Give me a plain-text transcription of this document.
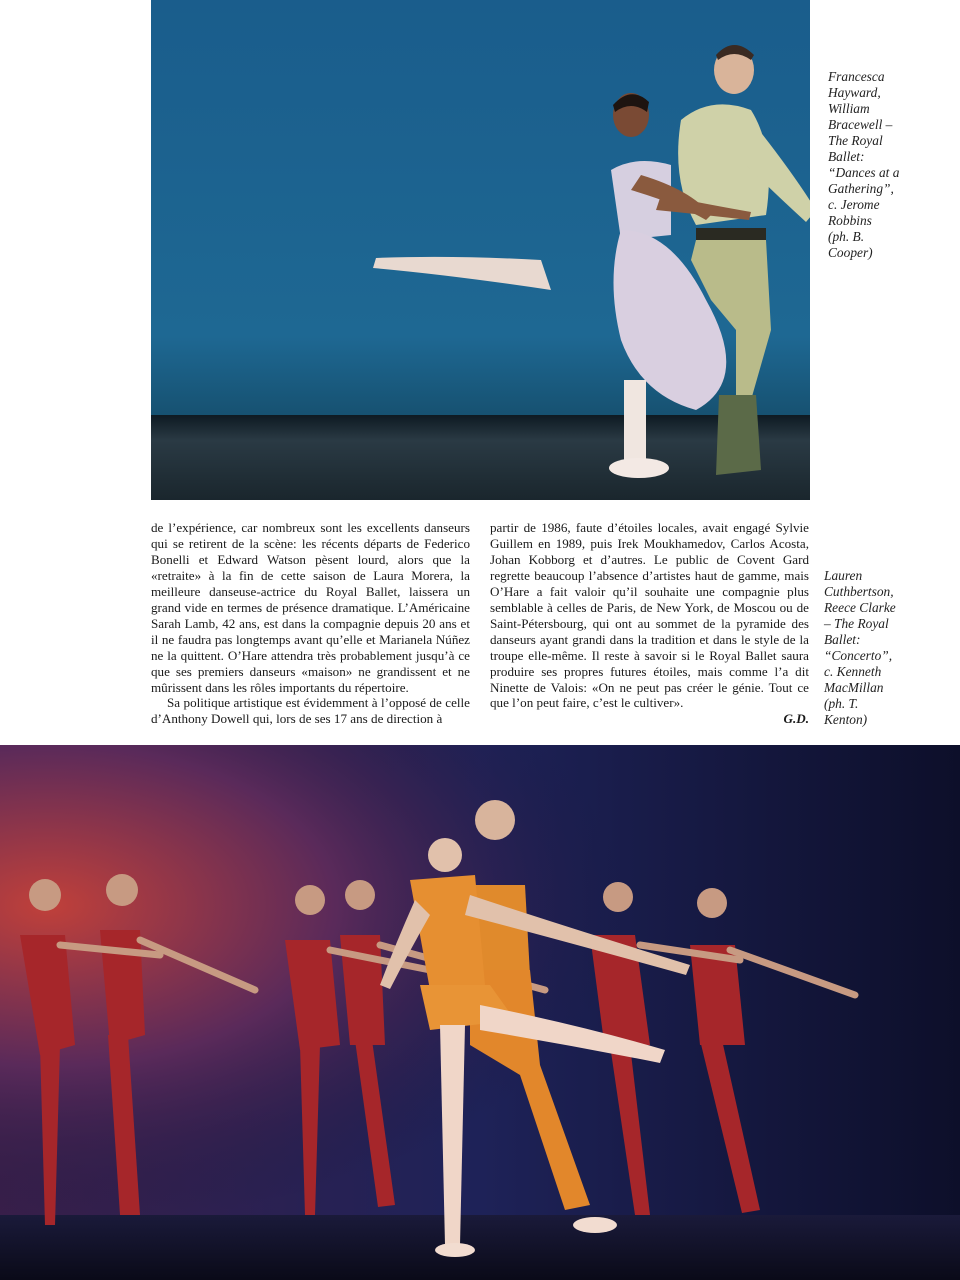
Francesca
Hayward,
William
Bracewell –
The Royal
Ballet:
“Dances at a
Gathering”,
c. Jerome
Robbins
(ph. B.
Cooper)

de l’expérience, car nombreux sont les excellents danseurs qui se retirent de la scène: les récents départs de Federico Bonelli et Edward Watson pèsent lourd, alors que la «retraite» à la fin de cette saison de Laura Morera, la meilleure danseuse-actrice du Royal Ballet, laissera un grand vide en termes de présence dramatique. L’Américaine Sarah Lamb, 42 ans, est dans la compagnie depuis 20 ans et il ne faudra pas longtemps avant qu’elle et Marianela Núñez ne la quittent. O’Hare attendra très probablement jusqu’à ce que ses premiers danseurs «maison» ne grandissent et ne mûrissent dans les rôles importants du répertoire.

Sa politique artistique est évidemment à l’opposé de celle d’Anthony Dowell qui, lors de ses 17 ans de direction à

partir de 1986, faute d’étoiles locales, avait engagé Sylvie Guillem en 1989, puis Irek Moukhamedov, Carlos Acosta, Johan Kobborg et d’autres. Le public de Covent Gard regrette beaucoup l’absence d’artistes haut de gamme, mais O’Hare a fait valoir qu’il souhaite une compagnie plus semblable à celles de Paris, de New York, de Moscou ou de Saint-Pétersbourg, qui ont au sommet de la pyramide des danseurs ayant grandi dans la tradition et dans le style de la troupe elle-même. Il reste à savoir si le Royal Ballet saura produire ses propres futures étoiles, mais comme l’a dit Ninette de Valois: «On ne peut pas créer le génie. Tout ce que l’on peut faire, c’est le cultiver».

G.D.
Lauren
Cuthbertson,
Reece Clarke
– The Royal
Ballet:
“Concerto”,
c. Kenneth
MacMillan
(ph. T.
Kenton)
